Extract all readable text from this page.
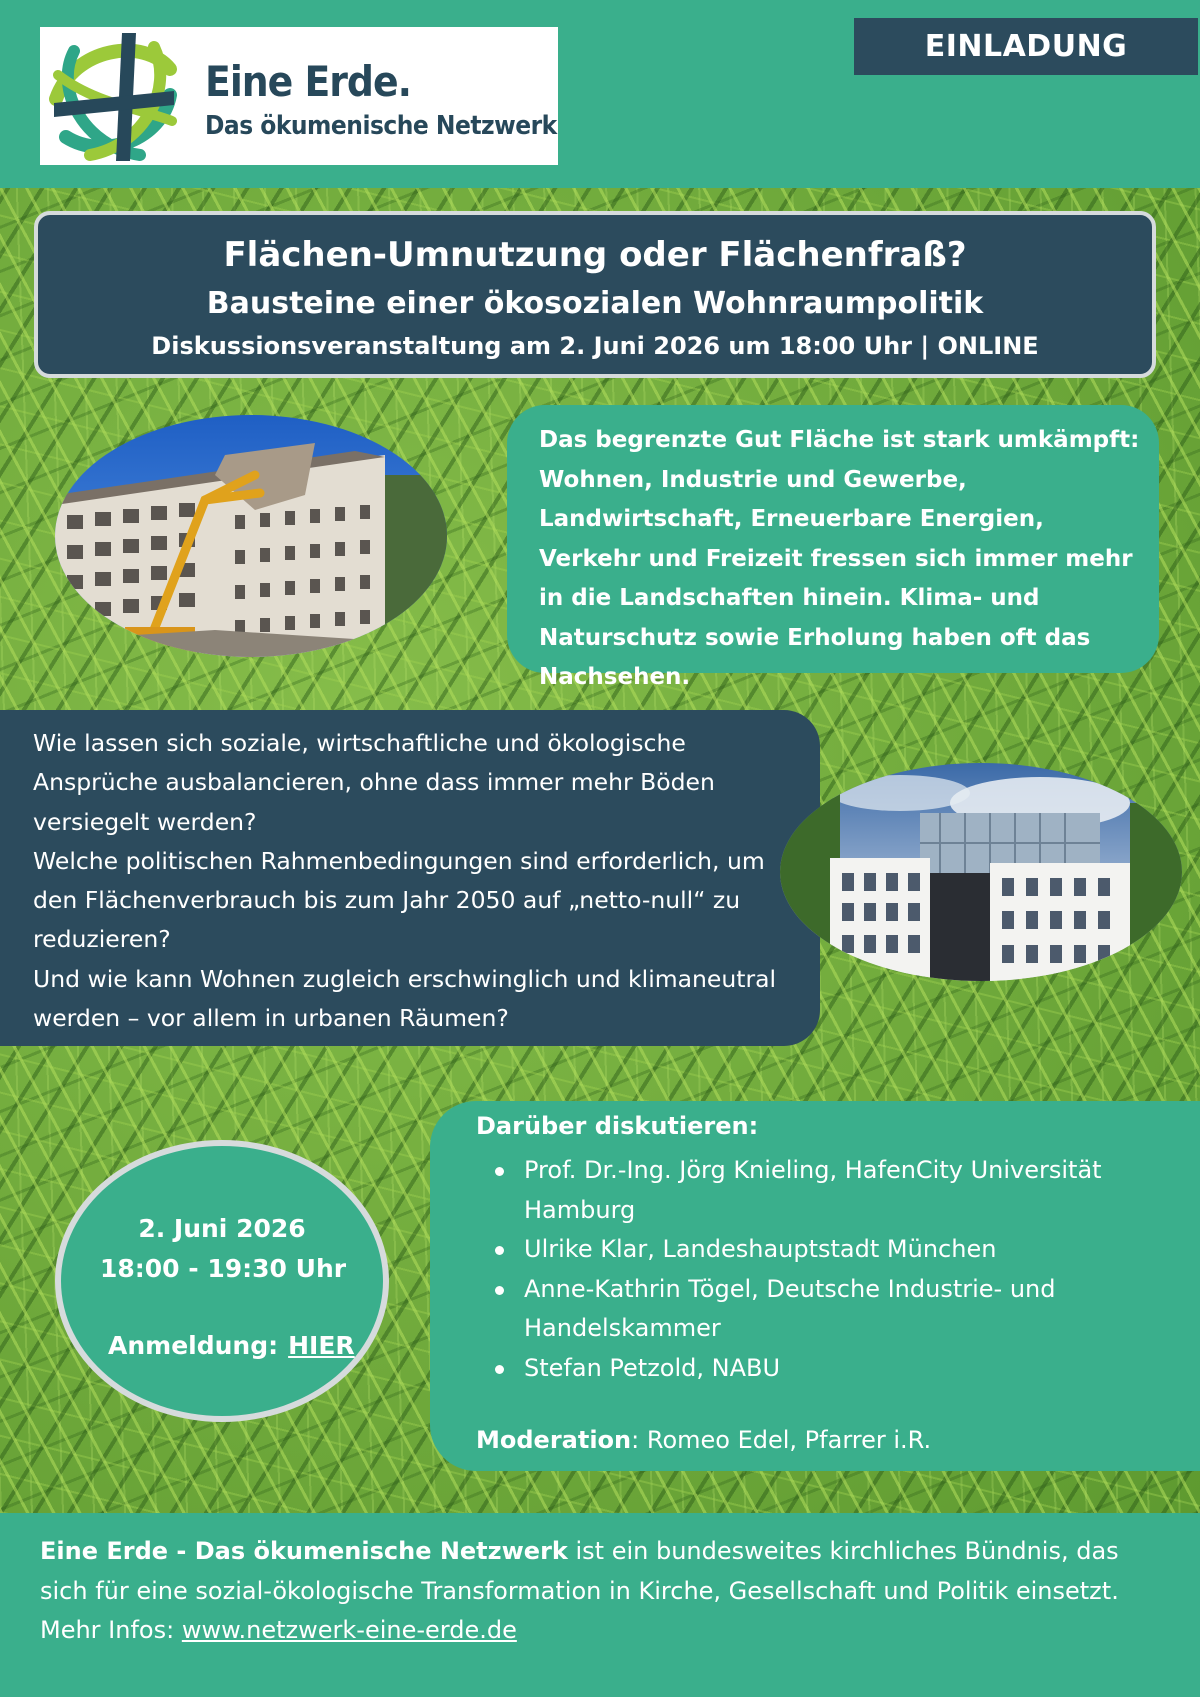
Eine Erde.
Das ökumenische Netzwerk
EINLADUNG
Flächen-Umnutzung oder Flächenfraß?
Bausteine einer ökosozialen Wohnraumpolitik
Diskussionsveranstaltung am 2. Juni 2026 um 18:00 Uhr | ONLINE
Das begrenzte Gut Fläche ist stark umkämpft: Wohnen, Industrie und Gewerbe, Landwirtschaft, Erneuerbare Energien, Verkehr und Freizeit fressen sich immer mehr in die Landschaften hinein. Klima- und Naturschutz sowie Erholung haben oft das Nachsehen.

Wie lassen sich soziale, wirtschaftliche und ökologische Ansprüche ausbalancieren, ohne dass immer mehr Böden versiegelt werden?

Welche politischen Rahmenbedingungen sind erforderlich, um den Flächenverbrauch bis zum Jahr 2050 auf „netto-null“ zu reduzieren?

Und wie kann Wohnen zugleich erschwinglich und klimaneutral werden – vor allem in urbanen Räumen?

2. Juni 2026
18:00 - 19:30 Uhr
Anmeldung: HIER
Darüber diskutieren:
Prof. Dr.-Ing. Jörg Knieling, HafenCity Universität Hamburg
Ulrike Klar, Landeshauptstadt München
Anne-Kathrin Tögel, Deutsche Industrie- und Handelskammer
Stefan Petzold, NABU
Moderation: Romeo Edel, Pfarrer i.R.
Eine Erde - Das ökumenische Netzwerk ist ein bundesweites kirchliches Bündnis, das sich für eine sozial-ökologische Transformation in Kirche, Gesellschaft und Politik einsetzt.
Mehr Infos: www.netzwerk-eine-erde.de
